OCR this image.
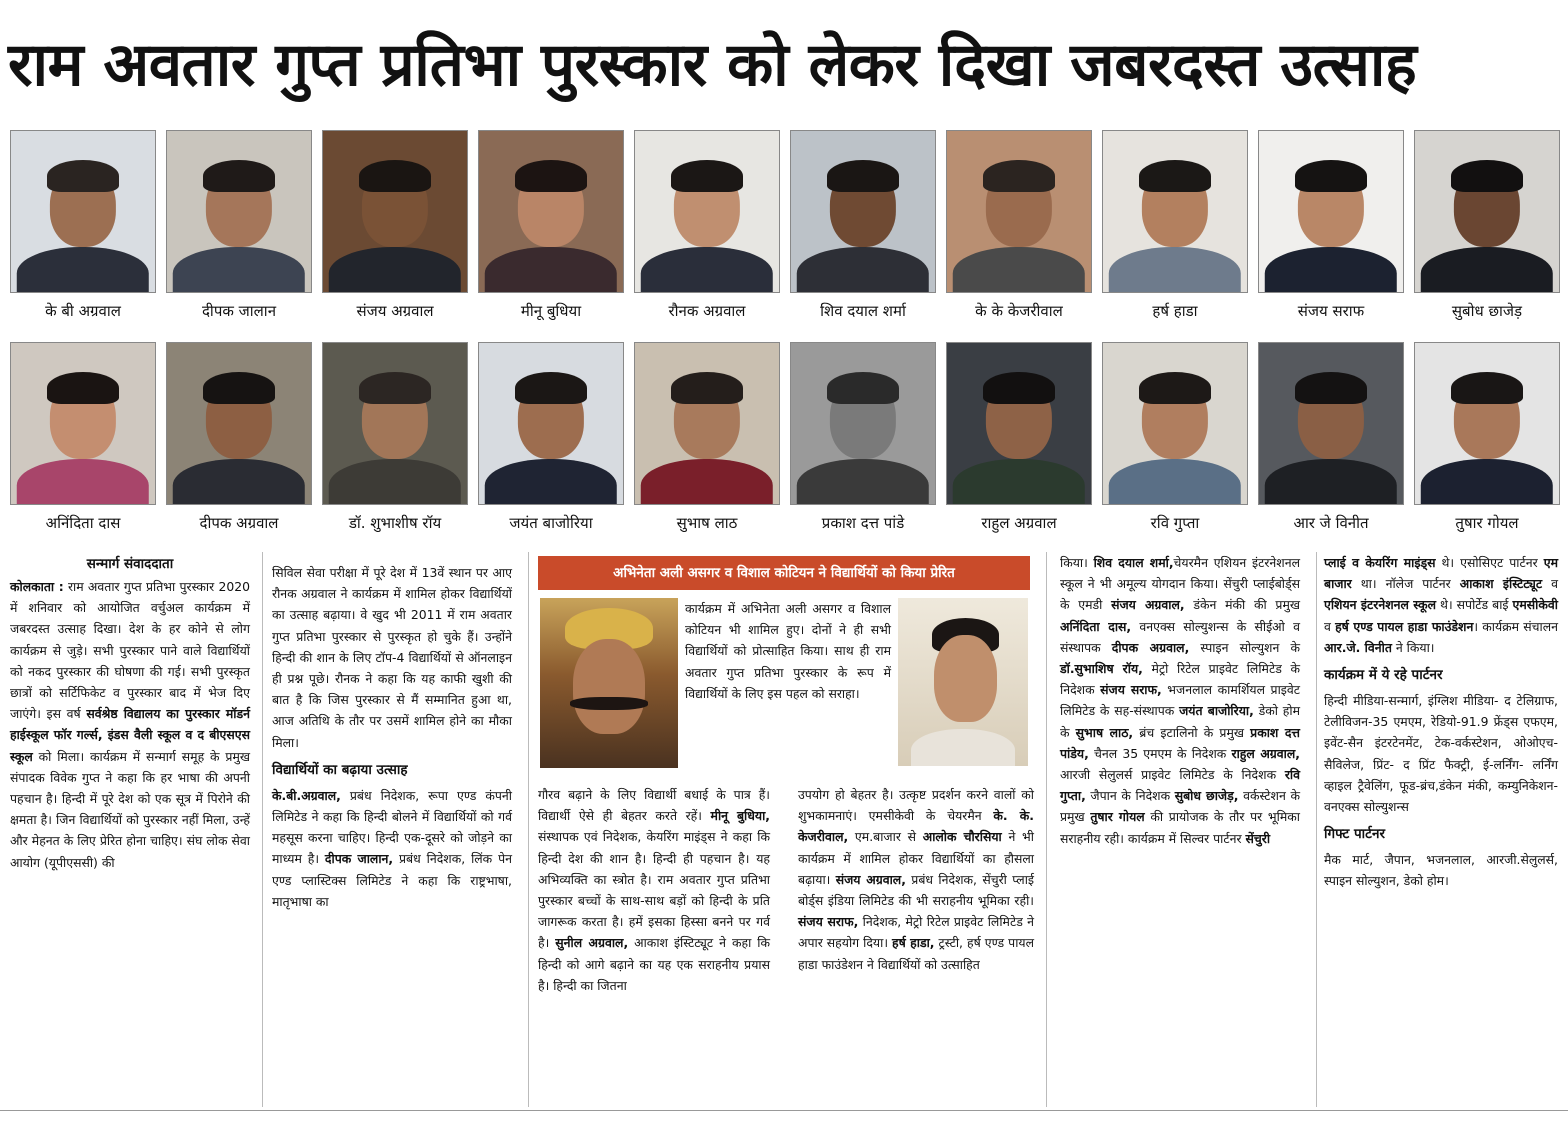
राम अवतार गुप्त प्रतिभा पुरस्कार को लेकर दिखा जबरदस्त उत्साह
के बी अग्रवाल	दीपक जालान	संजय अग्रवाल	मीनू बुधिया	रौनक अग्रवाल	शिव दयाल शर्मा	के के केजरीवाल	हर्ष हाडा	संजय सराफ	सुबोध छाजेड़
अनिंदिता दास	दीपक अग्रवाल	डॉ. शुभाशीष रॉय	जयंत बाजोरिया	सुभाष लाठ	प्रकाश दत्त पांडे	राहुल अग्रवाल	रवि गुप्ता	आर जे विनीत	तुषार गोयल
सन्मार्ग संवाददाता

कोलकाता : राम अवतार गुप्त प्रतिभा पुरस्कार 2020 में शनिवार को आयोजित वर्चुअल कार्यक्रम में जबरदस्त उत्साह दिखा। देश के हर कोने से लोग कार्यक्रम से जुड़े। सभी पुरस्कार पाने वाले विद्यार्थियों को नकद पुरस्कार की घोषणा की गई। सभी पुरस्कृत छात्रों को सर्टिफिकेट व पुरस्कार बाद में भेज दिए जाएंगे। इस वर्ष सर्वश्रेष्ठ विद्यालय का पुरस्कार मॉडर्न हाईस्कूल फॉर गर्ल्स, इंडस वैली स्कूल व द बीएसएस स्कूल को मिला। कार्यक्रम में सन्मार्ग समूह के प्रमुख संपादक विवेक गुप्त ने कहा कि हर भाषा की अपनी पहचान है। हिन्दी में पूरे देश को एक सूत्र में पिरोने की क्षमता है। जिन विद्यार्थियों को पुरस्कार नहीं मिला, उन्हें और मेहनत के लिए प्रेरित होना चाहिए। संघ लोक सेवा आयोग (यूपीएससी) की

सिविल सेवा परीक्षा में पूरे देश में 13वें स्थान पर आए रौनक अग्रवाल ने कार्यक्रम में शामिल होकर विद्यार्थियों का उत्साह बढ़ाया। वे खुद भी 2011 में राम अवतार गुप्त प्रतिभा पुरस्कार से पुरस्कृत हो चुके हैं। उन्होंने हिन्दी की शान के लिए टॉप-4 विद्यार्थियों से ऑनलाइन ही प्रश्न पूछे। रौनक ने कहा कि यह काफी खुशी की बात है कि जिस पुरस्कार से मैं सम्मानित हुआ था, आज अतिथि के तौर पर उसमें शामिल होने का मौका मिला।

विद्यार्थियों का बढ़ाया उत्साह

के.बी.अग्रवाल, प्रबंध निदेशक, रूपा एण्ड कंपनी लिमिटेड ने कहा कि हिन्दी बोलने में विद्यार्थियों को गर्व महसूस करना चाहिए। हिन्दी एक-दूसरे को जोड़ने का माध्यम है। दीपक जालान, प्रबंध निदेशक, लिंक पेन एण्ड प्लास्टिक्स लिमिटेड ने कहा कि राष्ट्रभाषा, मातृभाषा का

अभिनेता अली असगर व विशाल कोटियन ने विद्यार्थियों को किया प्रेरित
कार्यक्रम में अभिनेता अली असगर व विशाल कोटियन भी शामिल हुए। दोनों ने ही सभी विद्यार्थियों को प्रोत्साहित किया। साथ ही राम अवतार गुप्त प्रतिभा पुरस्कार के रूप में विद्यार्थियों के लिए इस पहल को सराहा।

गौरव बढ़ाने के लिए विद्यार्थी बधाई के पात्र हैं। विद्यार्थी ऐसे ही बेहतर करते रहें। मीनू बुधिया, संस्थापक एवं निदेशक, केयरिंग माइंड्स ने कहा कि हिन्दी देश की शान है। हिन्दी ही पहचान है। यह अभिव्यक्ति का स्त्रोत है। राम अवतार गुप्त प्रतिभा पुरस्कार बच्चों के साथ-साथ बड़ों को हिन्दी के प्रति जागरूक करता है। हमें इसका हिस्सा बनने पर गर्व है। सुनील अग्रवाल, आकाश इंस्टिट्यूट ने कहा कि हिन्दी को आगे बढ़ाने का यह एक सराहनीय प्रयास है। हिन्दी का जितना

उपयोग हो बेहतर है। उत्कृष्ट प्रदर्शन करने वालों को शुभकामनाएं। एमसीकेवी के चेयरमैन के. के. केजरीवाल, एम.बाजार से आलोक चौरसिया ने भी कार्यक्रम में शामिल होकर विद्यार्थियों का हौसला बढ़ाया। संजय अग्रवाल, प्रबंध निदेशक, सेंचुरी प्लाई बोर्ड्स इंडिया लिमिटेड की भी सराहनीय भूमिका रही। संजय सराफ, निदेशक, मेट्रो रिटेल प्राइवेट लिमिटेड ने अपार सहयोग दिया। हर्ष हाडा, ट्रस्टी, हर्ष एण्ड पायल हाडा फाउंडेशन ने विद्यार्थियों को उत्साहित

किया। शिव दयाल शर्मा,चेयरमैन एशियन इंटरनेशनल स्कूल ने भी अमूल्य योगदान किया। सेंचुरी प्लाईबोर्ड्स के एमडी संजय अग्रवाल, डंकेन मंकी की प्रमुख अनिंदिता दास, वनएक्स सोल्युशन्स के सीईओ व संस्थापक दीपक अग्रवाल, स्पाइन सोल्युशन के डॉ.सुभाशिष रॉय, मेट्रो रिटेल प्राइवेट लिमिटेड के निदेशक संजय सराफ, भजनलाल कामर्शियल प्राइवेट लिमिटेड के सह-संस्थापक जयंत बाजोरिया, डेको होम के सुभाष लाठ, ब्रंच इटालिनो के प्रमुख प्रकाश दत्त पांडेय, चैनल 35 एमएम के निदेशक राहुल अग्रवाल, आरजी सेलुलर्स प्राइवेट लिमिटेड के निदेशक रवि गुप्ता, जैपान के निदेशक सुबोध छाजेड़, वर्कस्टेशन के प्रमुख तुषार गोयल की प्रायोजक के तौर पर भूमिका सराहनीय रही। कार्यक्रम में सिल्वर पार्टनर सेंचुरी

प्लाई व केयरिंग माइंड्स थे। एसोसिएट पार्टनर एम बाजार था। नॉलेज पार्टनर आकाश इंस्टिट्यूट व एशियन इंटरनेशनल स्कूल थे। सपोर्टेड बाई एमसीकेवी व हर्ष एण्ड पायल हाडा फाउंडेशन। कार्यक्रम संचालन आर.जे. विनीत ने किया।

कार्यक्रम में ये रहे पार्टनर

हिन्दी मीडिया-सन्मार्ग, इंग्लिश मीडिया- द टेलिग्राफ, टेलीविजन-35 एमएम, रेडियो-91.9 फ्रेंड्स एफएम, इवेंट-सैन इंटरटेनमेंट, टेक-वर्कस्टेशन, ओओएच-सैविलेज, प्रिंट- द प्रिंट फैक्ट्री, ई-लर्निंग- लर्निंग व्हाइल ट्रैवेलिंग, फूड-ब्रंच,डंकेन मंकी, कम्युनिकेशन- वनएक्स सोल्युशन्स

गिफ्ट पार्टनर

मैक मार्ट, जैपान, भजनलाल, आरजी.सेलुलर्स, स्पाइन सोल्युशन, डेको होम।
